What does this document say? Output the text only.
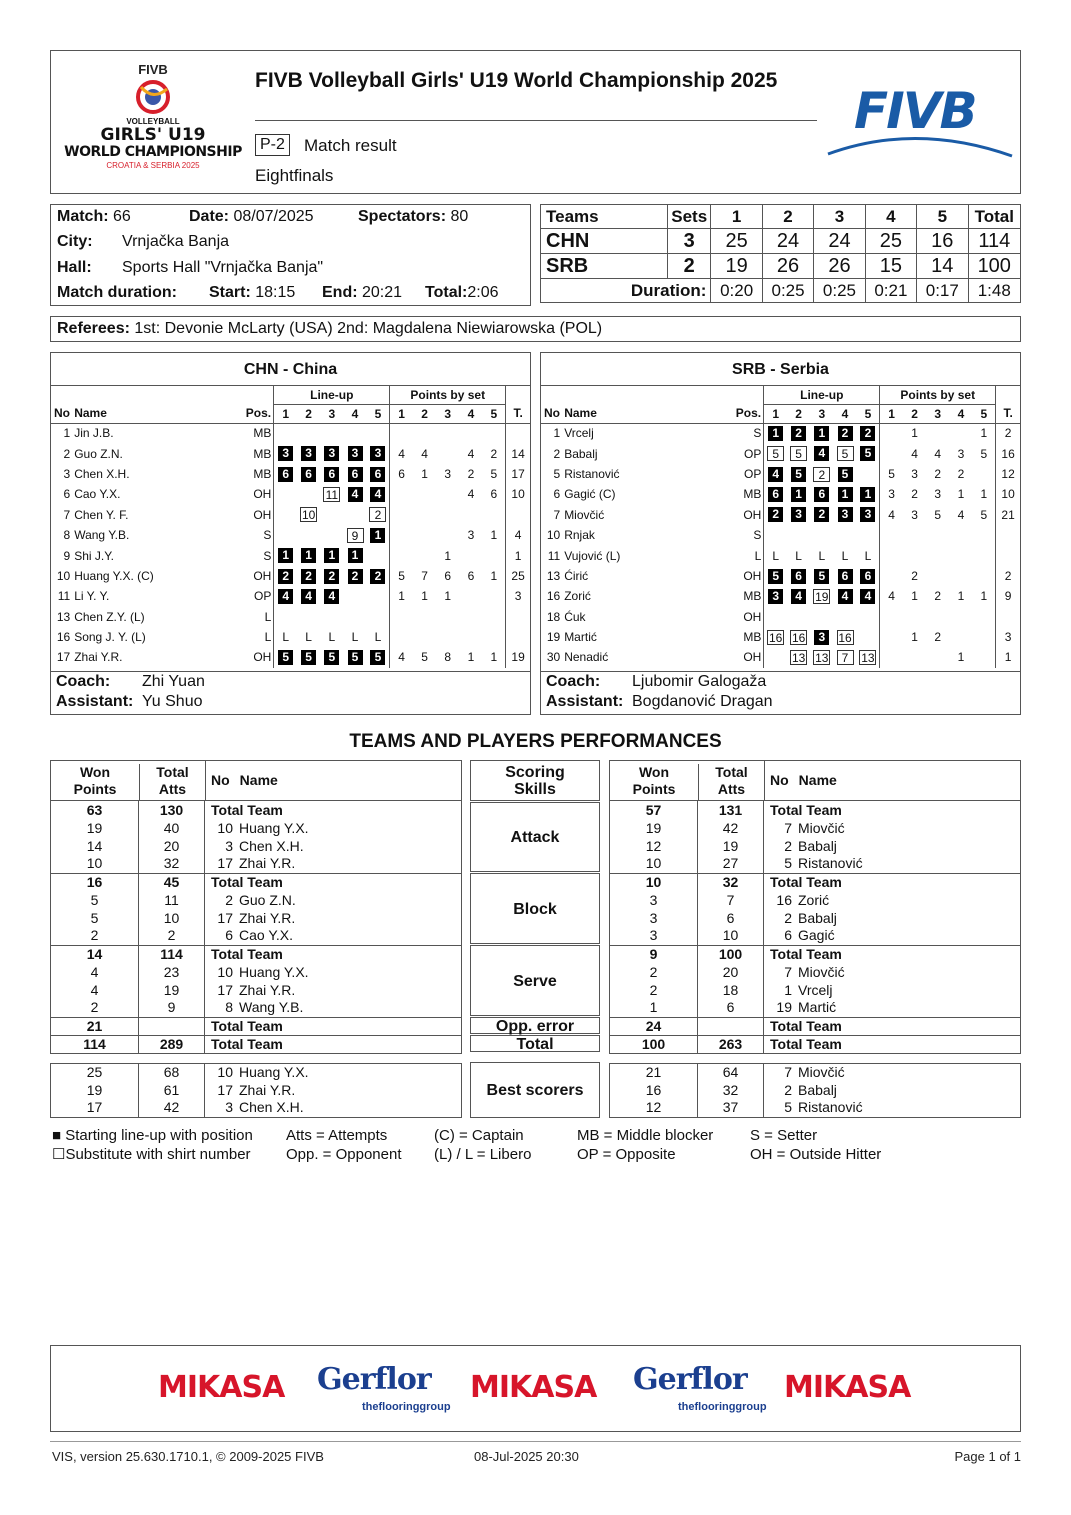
FIVB
VOLLEYBALL
GIRLS' U19
WORLD CHAMPIONSHIP
CROATIA & SERBIA 2025
FIVB Volleyball Girls' U19 World Championship 2025
P-2 Match result
Eightfinals
FIVB
Match: 66	Date: 08/07/2025	Spectators: 80
City: Vrnjačka Banja
Hall: Sports Hall "Vrnjačka Banja"
Match duration: Start: 18:15 End: 20:21 Total:2:06
Teams	Sets	1	2	3	4	5	Total
CHN	3	25	24	24	25	16	114
SRB	2	19	26	26	15	14	100
Duration:		0:20	0:25	0:25	0:21	0:17	1:48
Referees: 1st: Devonie McLarty (USA) 2nd: Magdalena Niewiarowska (POL)
CHN - China
			Line-up					Points by set					
No	Name	Pos.	1	2	3	4	5	1	2	3	4	5	T.
1	Jin J.B.	MB											
2	Guo Z.N.	MB	3	3	3	3	3	4	4		4	2	14
3	Chen X.H.	MB	6	6	6	6	6	6	1	3	2	5	17
6	Cao Y.X.	OH			11	4	4				4	6	10
7	Chen Y. F.	OH		10			2						
8	Wang Y.B.	S				9	1				3	1	4
9	Shi J.Y.	S	1	1	1	1				1			1
10	Huang Y.X. (C)	OH	2	2	2	2	2	5	7	6	6	1	25
11	Li Y. Y.	OP	4	4	4			1	1	1			3
13	Chen Z.Y. (L)	L											
16	Song J. Y. (L)	L	L	L	L	L	L						
17	Zhai Y.R.	OH	5	5	5	5	5	4	5	8	1	1	19
Coach: Zhi Yuan
Assistant: Yu Shuo
SRB - Serbia
			Line-up					Points by set					
No	Name	Pos.	1	2	3	4	5	1	2	3	4	5	T.
1	Vrcelj	S	1	2	1	2	2		1			1	2
2	Babalj	OP	5	5	4	5	5		4	4	3	5	16
5	Ristanović	OP	4	5	2	5		5	3	2	2		12
6	Gagić (C)	MB	6	1	6	1	1	3	2	3	1	1	10
7	Miovčić	OH	2	3	2	3	3	4	3	5	4	5	21
10	Rnjak	S											
11	Vujović (L)	L	L	L	L	L	L						
13	Ćirić	OH	5	6	5	6	6		2				2
16	Zorić	MB	3	4	19	4	4	4	1	2	1	1	9
18	Ćuk	OH											
19	Martić	MB	16	16	3	16			1	2			3
30	Nenadić	OH		13	13	7	13				1		1
Coach: Ljubomir Galogaža
Assistant: Bogdanović Dragan
TEAMS AND PLAYERS PERFORMANCES
Won Points
Total Atts
No Name
63	130	Total Team
19	40	10 Huang Y.X.
14	20	3 Chen X.H.
10	32	17 Zhai Y.R.
16	45	Total Team
5	11	2 Guo Z.N.
5	10	17 Zhai Y.R.
2	2	6 Cao Y.X.
14	114	Total Team
4	23	10 Huang Y.X.
4	19	17 Zhai Y.R.
2	9	8 Wang Y.B.
21		Total Team
114	289	Total Team
25	68	10 Huang Y.X.
19	61	17 Zhai Y.R.
17	42	3 Chen X.H.
Won Points
Total Atts
No Name
57	131	Total Team
19	42	7 Miovčić
12	19	2 Babalj
10	27	5 Ristanović
10	32	Total Team
3	7	16 Zorić
3	6	2 Babalj
3	10	6 Gagić
9	100	Total Team
2	20	7 Miovčić
2	18	1 Vrcelj
1	6	19 Martić
24		Total Team
100	263	Total Team
21	64	7 Miovčić
16	32	2 Babalj
12	37	5 Ristanović
Scoring Skills
Attack
Block
Serve
Opp. error
Total
Best scorers
■ Starting line-up with position
☐Substitute with shirt number
Atts = Attempts
Opp. = Opponent
(C) = Captain
(L) / L = Libero
MB = Middle blocker
OP = Opposite
S = Setter
OH = Outside Hitter
MIKASA Gerflor
theflooringgroup
MIKASA Gerflor
theflooringgroup
MIKASA
VIS, version 25.630.1710.1, © 2009-2025 FIVB	08-Jul-2025 20:30	Page 1 of 1
